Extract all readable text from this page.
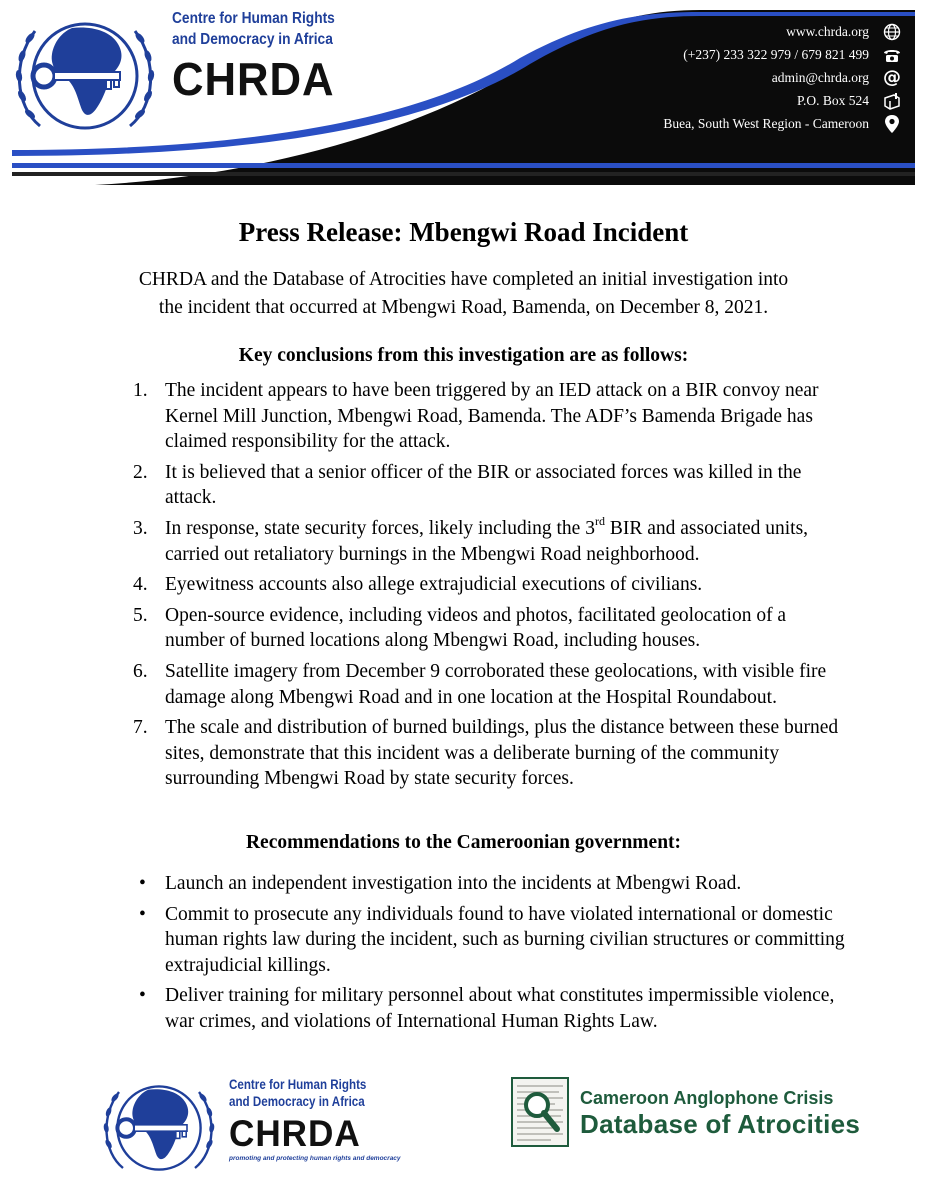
Centre for Human Rights
and Democracy in Africa
CHRDA
www.chrda.org
(+237) 233 322 979 / 679 821 499
admin@chrda.org
P.O. Box 524
Buea, South West Region - Cameroon
@
Press Release: Mbengwi Road Incident
CHRDA and the Database of Atrocities have completed an initial investigation into
the incident that occurred at Mbengwi Road, Bamenda, on December 8, 2021.
Key conclusions from this investigation are as follows:
1. The incident appears to have been triggered by an IED attack on a BIR convoy near Kernel Mill Junction, Mbengwi Road, Bamenda. The ADF’s Bamenda Brigade has claimed responsibility for the attack.
2. It is believed that a senior officer of the BIR or associated forces was killed in the attack.
3. In response, state security forces, likely including the 3rd BIR and associated units, carried out retaliatory burnings in the Mbengwi Road neighborhood.
4. Eyewitness accounts also allege extrajudicial executions of civilians.
5. Open-source evidence, including videos and photos, facilitated geolocation of a number of burned locations along Mbengwi Road, including houses.
6. Satellite imagery from December 9 corroborated these geolocations, with visible fire damage along Mbengwi Road and in one location at the Hospital Roundabout.
7. The scale and distribution of burned buildings, plus the distance between these burned sites, demonstrate that this incident was a deliberate burning of the community surrounding Mbengwi Road by state security forces.
Recommendations to the Cameroonian government:
• Launch an independent investigation into the incidents at Mbengwi Road.
• Commit to prosecute any individuals found to have violated international or domestic human rights law during the incident, such as burning civilian structures or committing extrajudicial killings.
• Deliver training for military personnel about what constitutes impermissible violence, war crimes, and violations of International Human Rights Law.
Centre for Human Rights
and Democracy in Africa
CHRDA
promoting and protecting human rights and democracy
Cameroon Anglophone Crisis
Database of Atrocities
